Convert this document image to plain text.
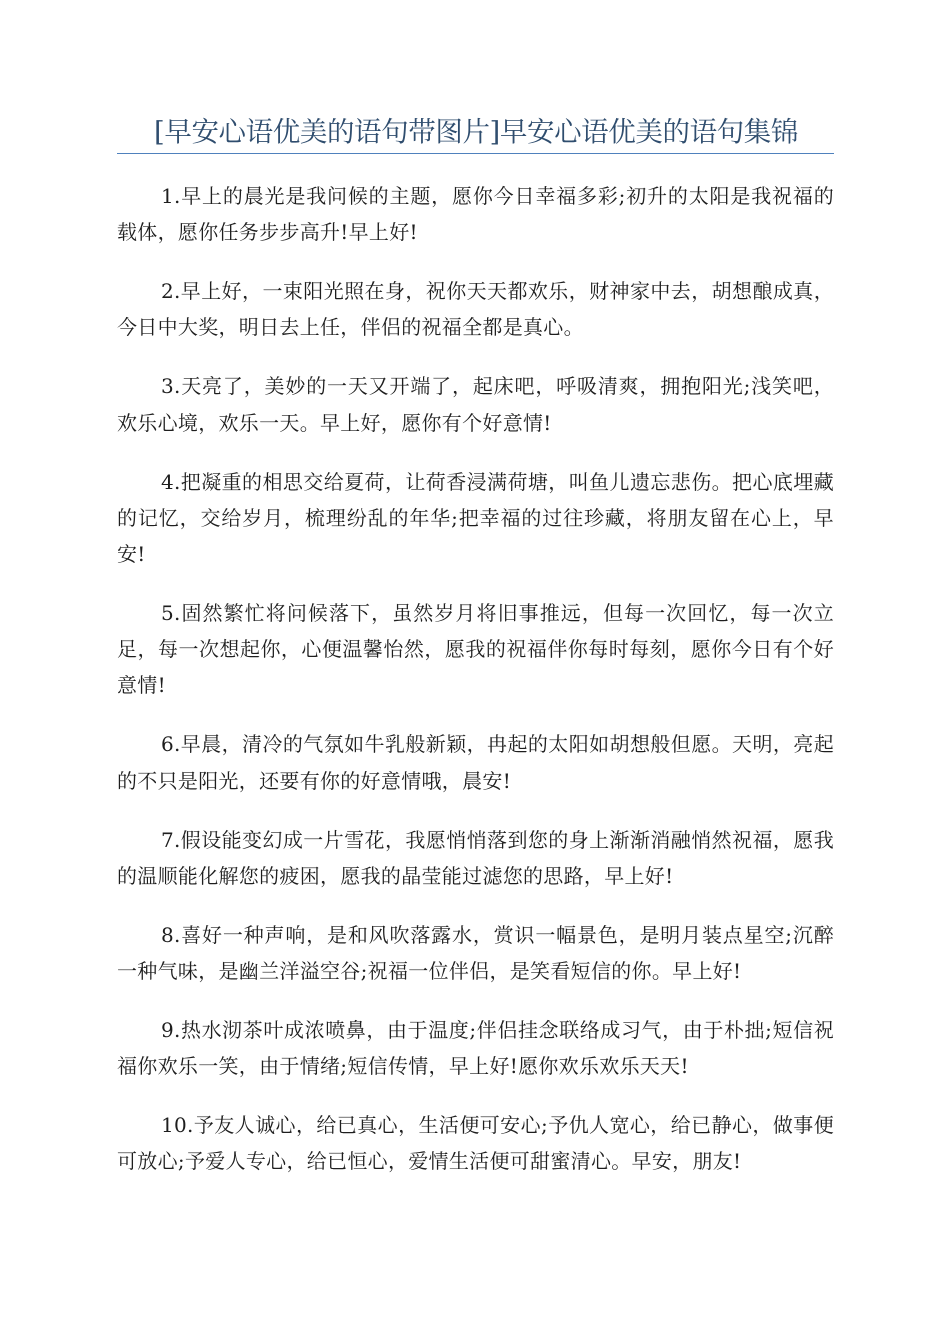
[早安心语优美的语句带图片]早安心语优美的语句集锦

1.早上的晨光是我问候的主题，愿你今日幸福多彩;初升的太阳是我祝福的载体，愿你任务步步高升!早上好!

2.早上好，一束阳光照在身，祝你天天都欢乐，财神家中去，胡想酿成真，今日中大奖，明日去上任，伴侣的祝福全都是真心。

3.天亮了，美妙的一天又开端了，起床吧，呼吸清爽，拥抱阳光;浅笑吧，欢乐心境，欢乐一天。早上好，愿你有个好意情!

4.把凝重的相思交给夏荷，让荷香浸满荷塘，叫鱼儿遗忘悲伤。把心底埋藏的记忆，交给岁月，梳理纷乱的年华;把幸福的过往珍藏，将朋友留在心上，早安!

5.固然繁忙将问候落下，虽然岁月将旧事推远，但每一次回忆，每一次立足，每一次想起你，心便温馨怡然，愿我的祝福伴你每时每刻，愿你今日有个好意情!

6.早晨，清冷的气氛如牛乳般新颖，冉起的太阳如胡想般但愿。天明，亮起的不只是阳光，还要有你的好意情哦，晨安!

7.假设能变幻成一片雪花，我愿悄悄落到您的身上渐渐消融悄然祝福，愿我的温顺能化解您的疲困，愿我的晶莹能过滤您的思路，早上好!

8.喜好一种声响，是和风吹落露水，赏识一幅景色，是明月装点星空;沉醉一种气味，是幽兰洋溢空谷;祝福一位伴侣，是笑看短信的你。早上好!

9.热水沏茶叶成浓喷鼻，由于温度;伴侣挂念联络成习气，由于朴拙;短信祝福你欢乐一笑，由于情绪;短信传情，早上好!愿你欢乐欢乐天天!

10.予友人诚心，给已真心，生活便可安心;予仇人宽心，给已静心，做事便可放心;予爱人专心，给已恒心，爱情生活便可甜蜜清心。早安，朋友!
